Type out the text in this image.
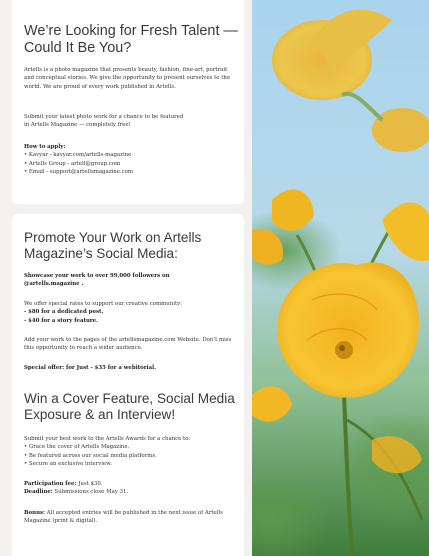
We’re Looking for Fresh Talent — Could It Be You?

Artells is a photo magazine that presents beauty, fashion, fine-art, portrait and conceptual stories. We give the opportunity to present ourselves to the world. We are proud of every work published in Artells.

Submit your latest photo work for a chance to be featured in Artells Magazine — completely free!

How to apply:
• Kavyar - kavyar.com/artells-magazine
• Artells Group - artell@group.com
• Email - support@artellsmagazine.com
Promote Your Work on Artells Magazine’s Social Media:

Showcase your work to over 99,000 followers on @artells.magazine .

We offer special rates to support our creative community:
- $80 for a dedicated post.
- $40 for a story feature.

Add your work to the pages of the artellsmagazine.com Website. Don’t miss this opportunity to reach a wider audience.

Special offer: for Just - $35 for a webitorial.

Win a Cover Feature, Social Media Exposure & an Interview!
Submit your best work to the Artells Awards for a chance to:
• Grace the cover of Artells Magazine.
• Be featured across our social media platforms.
• Secure an exclusive interview.
Participation fee: Just $30.
Deadline: Submissions close May 31.

Bonus: All accepted entries will be published in the next issue of Artells Magazine (print & digital).
